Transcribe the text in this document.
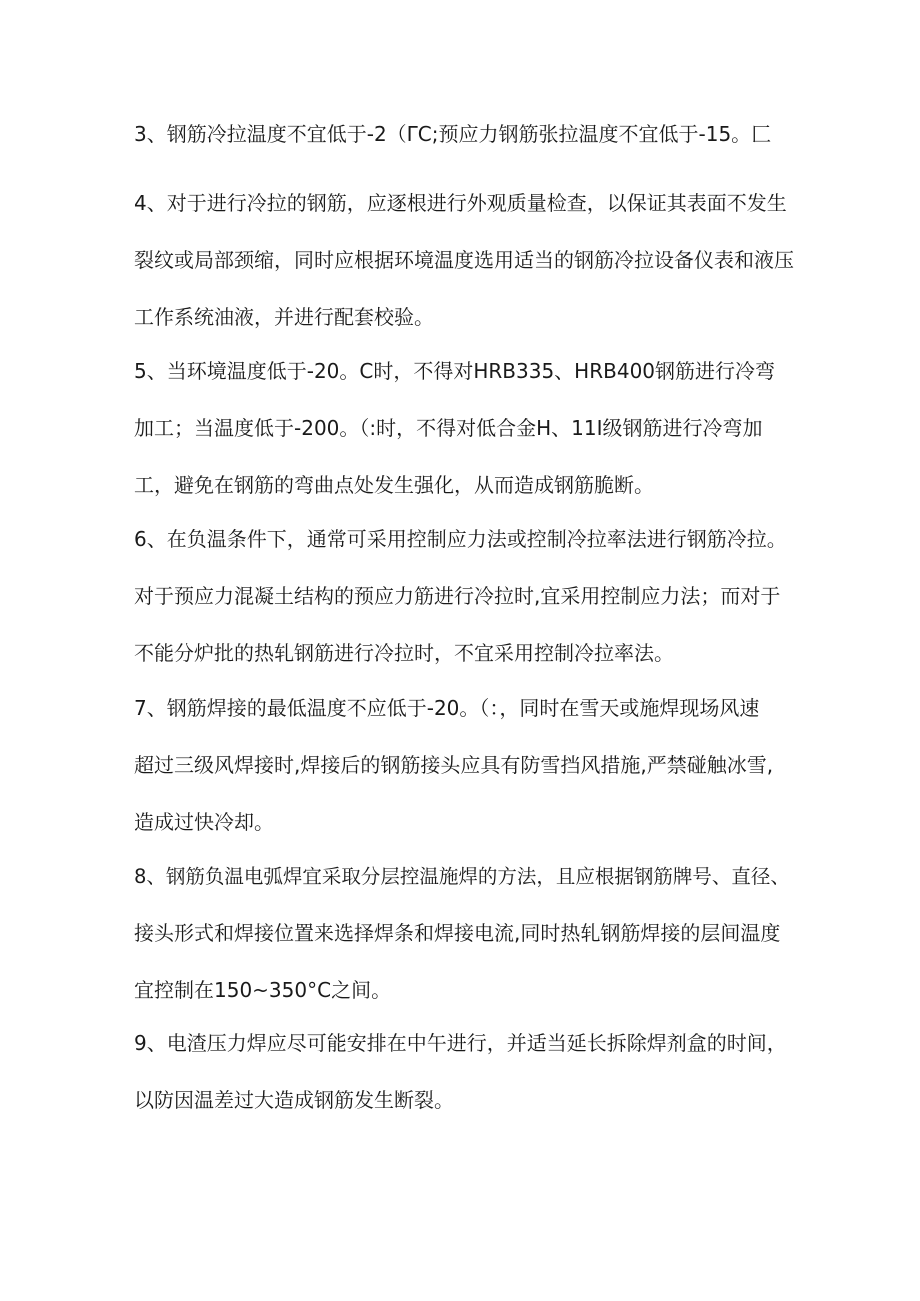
3、钢筋冷拉温度不宜低于-2（ΓC;预应力钢筋张拉温度不宜低于-15。匚
4、对于进行冷拉的钢筋，应逐根进行外观质量检查，以保证其表面不发生
裂纹或局部颈缩，同时应根据环境温度选用适当的钢筋冷拉设备仪表和液压
工作系统油液，并进行配套校验。
5、当环境温度低于-20。C时，不得对HRB335、HRB400钢筋进行冷弯
加工；当温度低于-200。（:时，不得对低合金H、11I级钢筋进行冷弯加
工，避免在钢筋的弯曲点处发生强化，从而造成钢筋脆断。
6、在负温条件下，通常可采用控制应力法或控制冷拉率法进行钢筋冷拉。
对于预应力混凝土结构的预应力筋进行冷拉时,宜采用控制应力法；而对于
不能分炉批的热轧钢筋进行冷拉时，不宜采用控制冷拉率法。
7、钢筋焊接的最低温度不应低于-20。（：，同时在雪天或施焊现场风速
超过三级风焊接时,焊接后的钢筋接头应具有防雪挡风措施,严禁碰触冰雪,
造成过快冷却。
8、钢筋负温电弧焊宜采取分层控温施焊的方法，且应根据钢筋牌号、直径、
接头形式和焊接位置来选择焊条和焊接电流,同时热轧钢筋焊接的层间温度
宜控制在150~350°C之间。
9、电渣压力焊应尽可能安排在中午进行，并适当延长拆除焊剂盒的时间，
以防因温差过大造成钢筋发生断裂。
